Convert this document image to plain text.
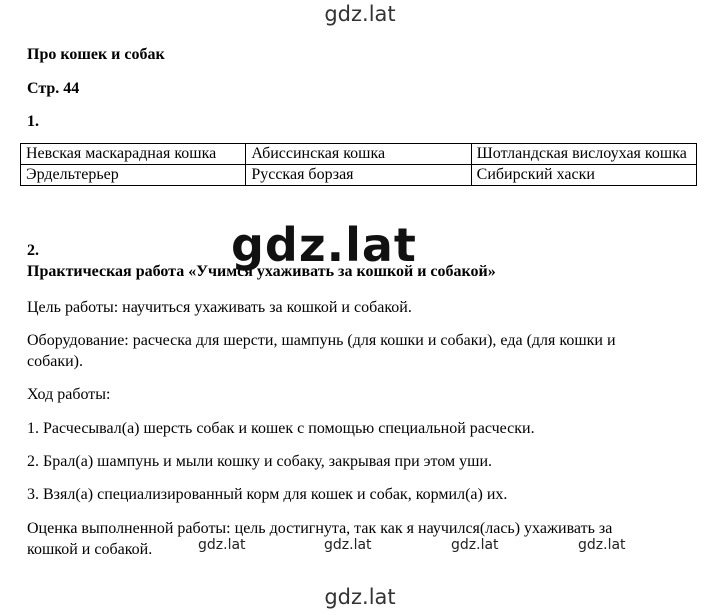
gdz.lat
Про кошек и собак
Стр. 44
1.
Невская маскарадная кошка	Абиссинская кошка	Шотландская вислоухая кошка
Эрдельтерьер	Русская борзая	Сибирский хаски
2.
Практическая работа «Учимся ухаживать за кошкой и собакой»
Цель работы: научиться ухаживать за кошкой и собакой.
Оборудование: расческа для шерсти, шампунь (для кошки и собаки), еда (для кошки и
собаки).
Ход работы:
1. Расчесывал(а) шерсть собак и кошек с помощью специальной расчески.
2. Брал(а) шампунь и мыли кошку и собаку, закрывая при этом уши.
3. Взял(а) специализированный корм для кошек и собак, кормил(а) их.
Оценка выполненной работы: цель достигнута, так как я научился(лась) ухаживать за
кошкой и собакой.
gdz.lat
gdz.lat	gdz.lat	gdz.lat	gdz.lat
gdz.lat
